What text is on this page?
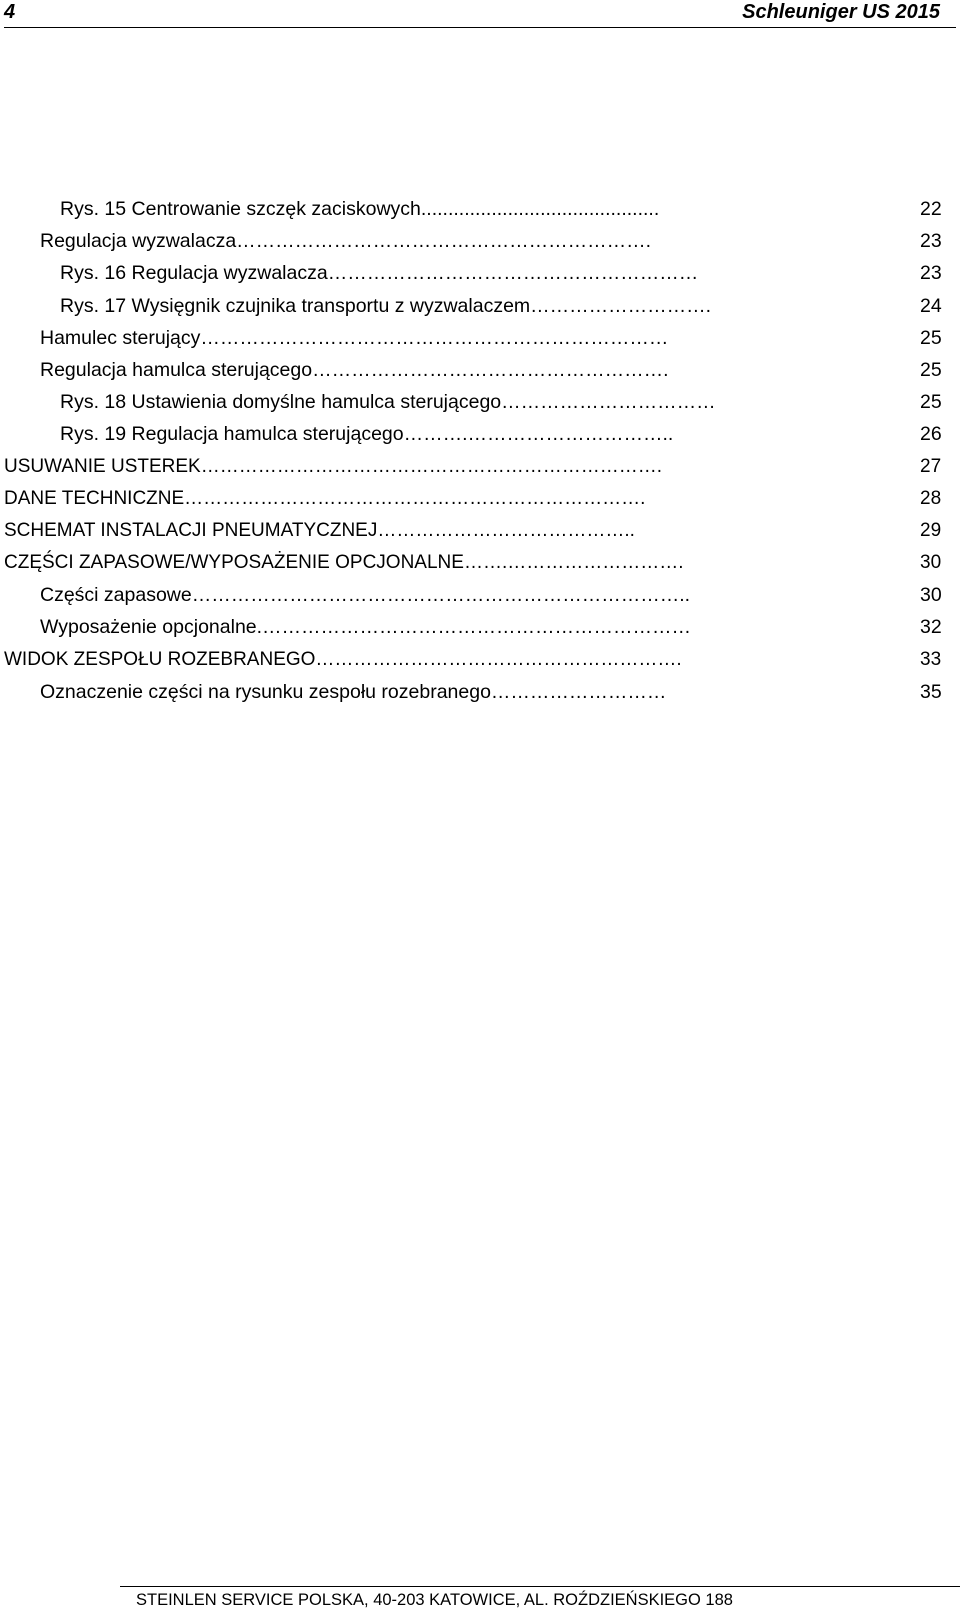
4	Schleuniger US 2015
Rys. 15 Centrowanie szczęk zaciskowych............................................	22
Regulacja wyzwalacza……………………………………………………….	23
Rys. 16 Regulacja wyzwalacza…………………………………………………	23
Rys. 17 Wysięgnik czujnika transportu z wyzwalaczem……………………….	24
Hamulec sterujący………………………………………………………………	25
Regulacja hamulca sterującego……………………………………………….	25
Rys. 18 Ustawienia domyślne hamulca sterującego……………………………	25
Rys. 19 Regulacja hamulca sterującego……….…………………………..	26
USUWANIE USTEREK……………………………………………………………….	27
DANE TECHNICZNE……………………………………………………………….	28
SCHEMAT INSTALACJI PNEUMATYCZNEJ…………………………………..	29
CZĘŚCI ZAPASOWE/WYPOSAŻENIE OPCJONALNE…….……………………….	30
Części zapasowe…………………………………………………………………..	30
Wyposażenie opcjonalne.…………………………………………………………	32
WIDOK ZESPOŁU ROZEBRANEGO………………………………………………….	33
Oznaczenie części na rysunku zespołu rozebranego………………………	35
STEINLEN SERVICE POLSKA, 40-203 KATOWICE, AL. ROŹDZIEŃSKIEGO 188
